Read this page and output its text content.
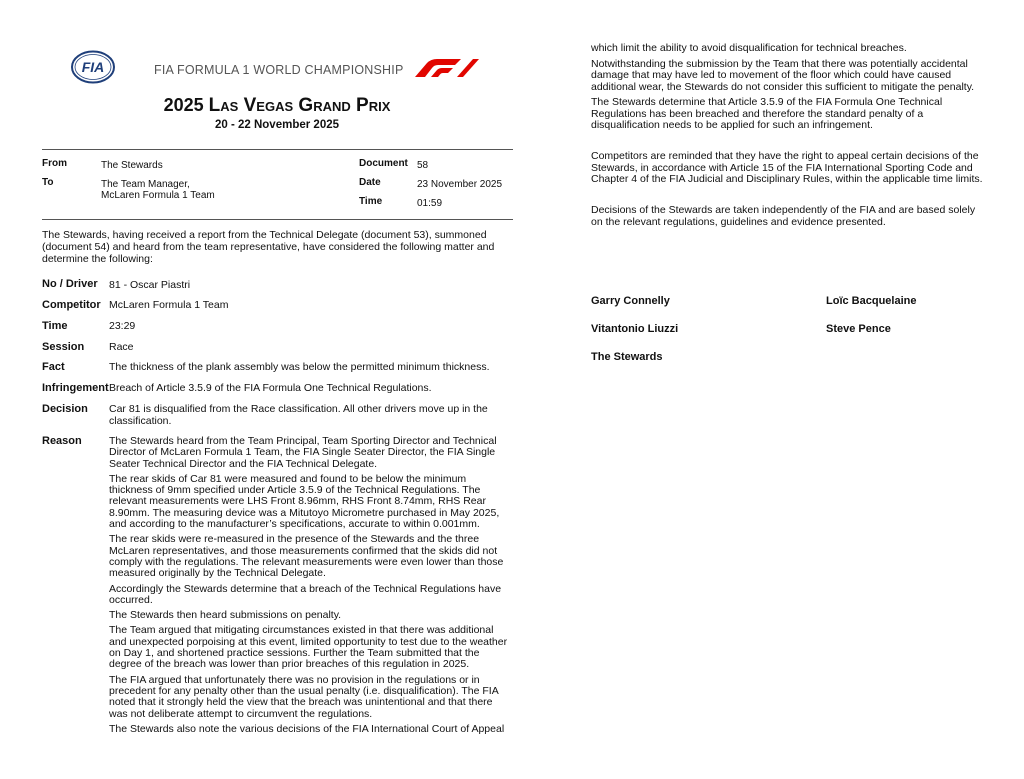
FIA	FIA FORMULA 1 WORLD CHAMPIONSHIP
2025 Las Vegas Grand Prix
20 - 22 November 2025
From	The Stewards
To	The Team Manager,
McLaren Formula 1 Team
Document 58
Date	23 November 2025
Time	01:59

The Stewards, having received a report from the Technical Delegate (document 53), summoned (document 54) and heard from the team representative, have considered the following matter and determine the following:

No / Driver	81 - Oscar Piastri
Competitor McLaren Formula 1 Team
Time	23:29
Session	Race
Fact	The thickness of the plank assembly was below the permitted minimum thickness.
Infringement Breach of Article 3.5.9 of the FIA Formula One Technical Regulations.
Decision	Car 81 is disqualified from the Race classification. All other drivers move up in the classification.
Reason	The Stewards heard from the Team Principal, Team Sporting Director and Technical Director of McLaren Formula 1 Team, the FIA Single Seater Director, the FIA Single Seater Technical Director and the FIA Technical Delegate.

The rear skids of Car 81 were measured and found to be below the minimum thickness of 9mm specified under Article 3.5.9 of the Technical Regulations. The relevant measurements were LHS Front 8.96mm, RHS Front 8.74mm, RHS Rear 8.90mm. The measuring device was a Mitutoyo Micrometre purchased in May 2025, and according to the manufacturer’s specifications, accurate to within 0.001mm.

The rear skids were re-measured in the presence of the Stewards and the three McLaren representatives, and those measurements confirmed that the skids did not comply with the regulations. The relevant measurements were even lower than those measured originally by the Technical Delegate.

Accordingly the Stewards determine that a breach of the Technical Regulations have occurred.

The Stewards then heard submissions on penalty.

The Team argued that mitigating circumstances existed in that there was additional and unexpected porpoising at this event, limited opportunity to test due to the weather on Day 1, and shortened practice sessions. Further the Team submitted that the degree of the breach was lower than prior breaches of this regulation in 2025.

The FIA argued that unfortunately there was no provision in the regulations or in precedent for any penalty other than the usual penalty (i.e. disqualification). The FIA noted that it strongly held the view that the breach was unintentional and that there was not deliberate attempt to circumvent the regulations.

The Stewards also note the various decisions of the FIA International Court of Appeal

which limit the ability to avoid disqualification for technical breaches.

Notwithstanding the submission by the Team that there was potentially accidental damage that may have led to movement of the floor which could have caused additional wear, the Stewards do not consider this sufficient to mitigate the penalty.

The Stewards determine that Article 3.5.9 of the FIA Formula One Technical Regulations has been breached and therefore the standard penalty of a disqualification needs to be applied for such an infringement.

Competitors are reminded that they have the right to appeal certain decisions of the Stewards, in accordance with Article 15 of the FIA International Sporting Code and Chapter 4 of the FIA Judicial and Disciplinary Rules, within the applicable time limits.

Decisions of the Stewards are taken independently of the FIA and are based solely on the relevant regulations, guidelines and evidence presented.

Garry Connelly	Loïc Bacquelaine
Vitantonio Liuzzi	Steve Pence
The Stewards
